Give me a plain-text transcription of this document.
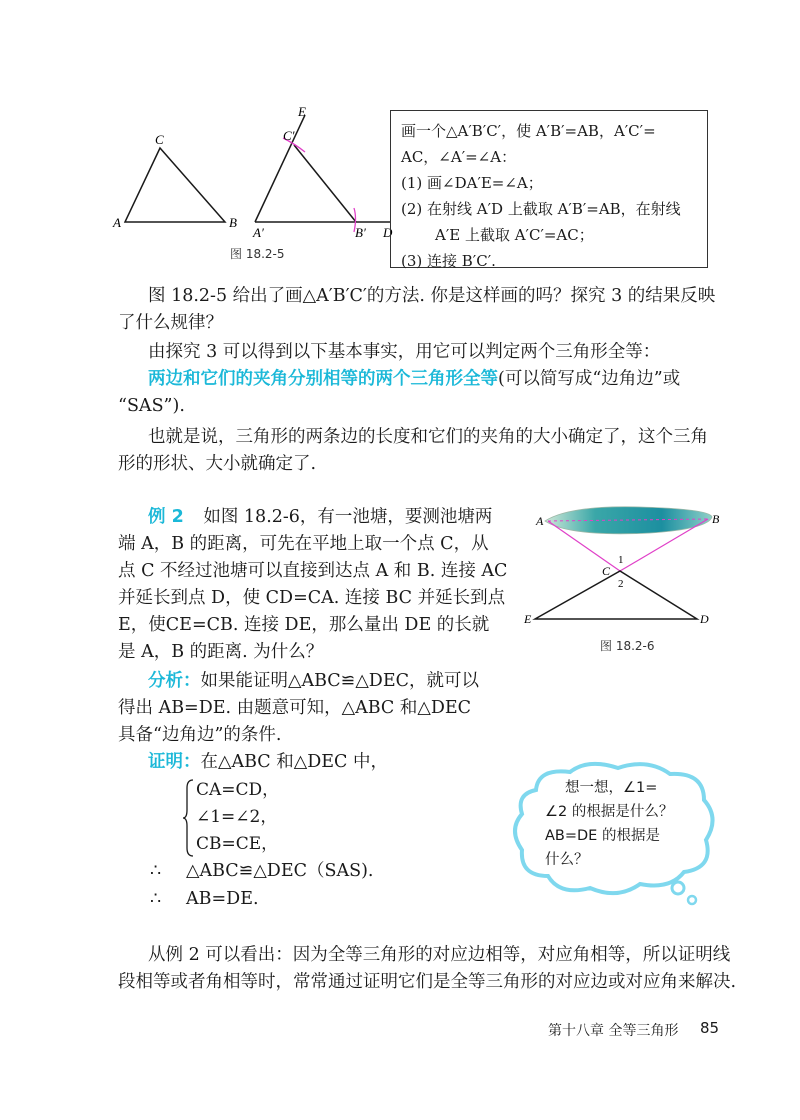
C
A	B
E
C′
A′	B′ D
图 18.2-5
画一个△A′B′C′，使 A′B′=AB，A′C′=
AC，∠A′=∠A：
(1) 画∠DA′E=∠A；
(2) 在射线 A′D 上截取 A′B′=AB，在射线
A′E 上截取 A′C′=AC；
(3) 连接 B′C′.
图 18.2-5 给出了画△A′B′C′的方法. 你是这样画的吗？探究 3 的结果反映
了什么规律？
由探究 3 可以得到以下基本事实，用它可以判定两个三角形全等：
两边和它们的夹角分别相等的两个三角形全等(可以简写成“边角边”或
“SAS”).
也就是说，三角形的两条边的长度和它们的夹角的大小确定了，这个三角
形的形状、大小就确定了.
例 2 如图 18.2-6，有一池塘，要测池塘两
端 A，B 的距离，可先在平地上取一个点 C，从
点 C 不经过池塘可以直接到达点 A 和 B. 连接 AC
并延长到点 D，使 CD=CA. 连接 BC 并延长到点
E，使CE=CB. 连接 DE，那么量出 DE 的长就
是 A，B 的距离. 为什么？
A	B
C
1
2
E	D
图 18.2-6
分析：如果能证明△ABC≌△DEC，就可以
得出 AB=DE. 由题意可知，△ABC 和△DEC
具备“边角边”的条件.
证明：在△ABC 和△DEC 中，
CA=CD，
∠1=∠2，
CB=CE，
∴ △ABC≌△DEC（SAS).
∴ AB=DE.
想一想，∠1=
∠2 的根据是什么？
AB=DE 的根据是
什么？
从例 2 可以看出：因为全等三角形的对应边相等，对应角相等，所以证明线
段相等或者角相等时，常常通过证明它们是全等三角形的对应边或对应角来解决.
第十八章 全等三角形 85
